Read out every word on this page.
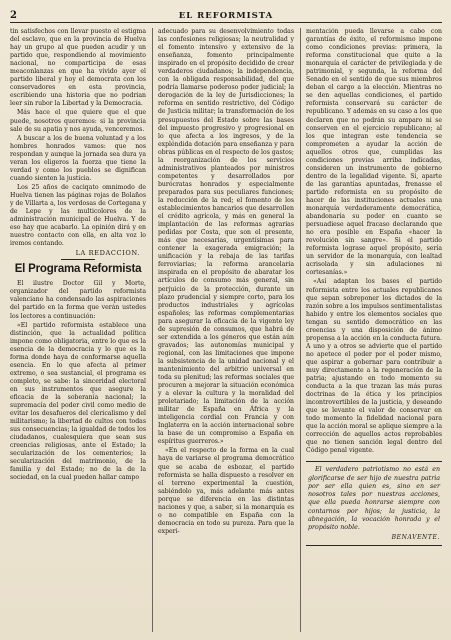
2	EL REFORMISTA

tin satisfechos con llevar puesto el estigma del esclavo, que en la provincia de Huelva hay un grupo al que pueden acudir y un partido que, respondiendo al movimiento nacional, no comparticipa de esas meaconlanzas en que ha vivido ayer el partido liberal y hoy el democrata con los conservadores en esta provincia, escribiendo una historia que no podrian leer sin rubor la Libertad y la Democracia.

Más hace el que quiere que el que puede, nosotros queremos: si la provincia sale de su apatia y nos ayuda, venceremos.

A buscar a los de buena voluntad y a los hombres honrados vamos: que nos respondan y aunque la jornada sea dura ya veran los eligeros la fuerza que tiene la verdad y como los pueblos se dignifican cuando sienten la justicia.

Los 25 años de caciqato omnimodo de Huelva tienen las páginas rojas de Bolaños y de Villarta a, los verdosas de Cortegana y de Lepe y las multicolores de la administración municipal de Huelva. Y de eso hay que acabarlo. La opinión dirá y en nuestro contacto con ella, en alta voz lo iremos contando.

LA REDACCION.
El Programa Reformista

El ilustre Doctor Gil y Morte, organizador del partido reformista valenciano ha condensado las aspiraciones del partido en la forma que verán ustedes los lectores a continuación:

«El partido reformista establece una distinción, que la actualidad política impone como obligatoria, entre lo que es la esencia de la democracia y lo que es la forma donde haya de conformarse aquella esencia. En lo que afecta al primer extremo, o sea sustancial, el programa es completo, se sabe: la sinceridad electoral en sus instrumentos que asegure la eficacia de la soberanía nacional; la supremacía del poder civil como medio de evitar los desafueros del clericalismo y del militarismo; la libertad de cultos con todas sus consecuencias; la igualdad de todos los ciudadanos, cualesquiera que sean sus creencias religiosas, ante el Estado; la secularización de los cementerios; la secularización del matrimonio, de la familia y del Estado; no de la de la sociedad, en la cual pueden hallar campo

adecuado para su desenvolvimiento todas las confesiones religiosas; la neutralidad y el fomento intensivo y extensivo de la enseñanza, fomento principalmente inspirado en el propósito decidido de crear verdaderos ciudadanos; la independencia, con la obligada responsabilidad, del que podría llamarse poderoso poder judicial; la derogación de la ley de Jurisdicciones; la reforma en sentido restrictivo, del Código de Justicia militar; la transformación de los presupuestos del Estado sobre las bases del impuesto progresivo y progresional en lo que afecta a los ingresos, y de la expléndida dotación para enseñanza y para obras públicas en el respecto de los gastos; la reorganización de los servicios administrativos planteados por ministros competentes y desarrollados por burócratas honrados y especialmente preparados para sus peculiares funciones; la reducción de la red; el fomento de los establecimientos bancarios que desarrollen el crédito agrícola, y más en general la implantación de las reformas agrarias pedidas por Costa, que son el presente, más que necesarias, urgentísimas para contener la exagerada emigración; la unificación y la rebaja de las tarifas ferroviarias; la reforma arancelaria inspirada en el propósito de abaratar los artículos de consumo más general, sin perjuicio de la protección, durante un plazo prudencial y siempre corto, para los productos industriales y agrícolas españoles; las reformas complementarias para asegurar la eficacia de la vigente ley de supresión de consumos, que habrá de ser extendida a los géneros que están aún gravados; las autonomías municipal y regional, con las limitaciones que impone la subsistencia de la unidad nacional y el mantenimiento del arbitrio universal en toda su plenitud; las reformas sociales que procuren a mejorar la situación económica y a elevar la cultura y la moralidad del proletariado; la limitación de la acción militar de España en África y la inteligencia cordial con Francia y con Inglaterra en la acción internacional sobre la base de un compromiso a España en espíritus guerreros.»

«En el respecto de la forma en la cual haya de variarse el programa democrático que se acaba de esbozar, el partido reformista se halla dispuesto a resolver en el terreno experimental la cuestión, sabiéndolo ya, más adelante más antes porque se diferencia en las distintas naciones y que, a saber, si la monarquía es o no compatible en España con la democracia en todo su pureza. Para que la experi-

mentación pueda llevarse a cabo con garantías de éxito, el reformismo impone como condiciones previas: primera, la reforma constitucional que quite a la monarquía el carácter de privilegiada y de patrimonial, y segunda, la reforma del Senado en el sentido de que sus miembros deban el cargo a la elección. Mientras no se den aquellas condiciones, el partido reformista conservará su carácter de republicano. Y además en su caso a los que declaren que no podrán su amparo ni se conserven en el ejercicio republicano; al los que integran este tendencia se comprometen a ayudar la acción de aquellos otros que, cumplidas las condiciones previas arriba indicadas, consideren un instrumento de gobierno dentro de la legalidad vigente. Si, aparte de las garantías apuntadas, frenasse el partido reformista en su propósito de hacer de las instituciones actuales una monarquía verdaderamente democrática, abandonaría su poder en cuanto se persuadiese aquel fracaso declarando que no era posible en España «hacer la revolución sin sangre». Si el partido reformista lograse aquel propósito, sería un servidor de la monarquía, con lealtad acrisolada y sin adulaciones ni cortesanías.»

«Así adaptan los bases el partido reformista entre los actuales republicanos que sepan sobreponer los dictados de la razón sobre a los impulsos sentimentalistas habido y entre los elementos sociales que tengan su sentido democrático en las creencias y una disposición de ánimo propensa a la acción en la conducta futura. A uno y a otros se advierte que el partido no apetece el poder por el poder mismo, que aspirar a gobernar para contribuir a muy directamente a la regeneración de la patria; ajustando en todo momento su conducta a la que trazan las más puras doctrinas de la ética y los principios incontrovertibles de la justicia, y deseando que se levante el valor de conservar en todo momento la fidelidad nacional para que la acción moral se aplique siempre a la corrección de aquellos actos reprobables que no tienen sanción legal dentro del Código penal vigente.

El verdadero patriotismo no está en glorificarse de ser hijo de nuestra patria por ser ella quien es, sino en ser nosotros tales por nuestras acciones, que ella pueda honrarse siempre con contarnos por hijos; la justicia, la abnegación, la vocación honrada y el propósito noble.

BENAVENTE.
